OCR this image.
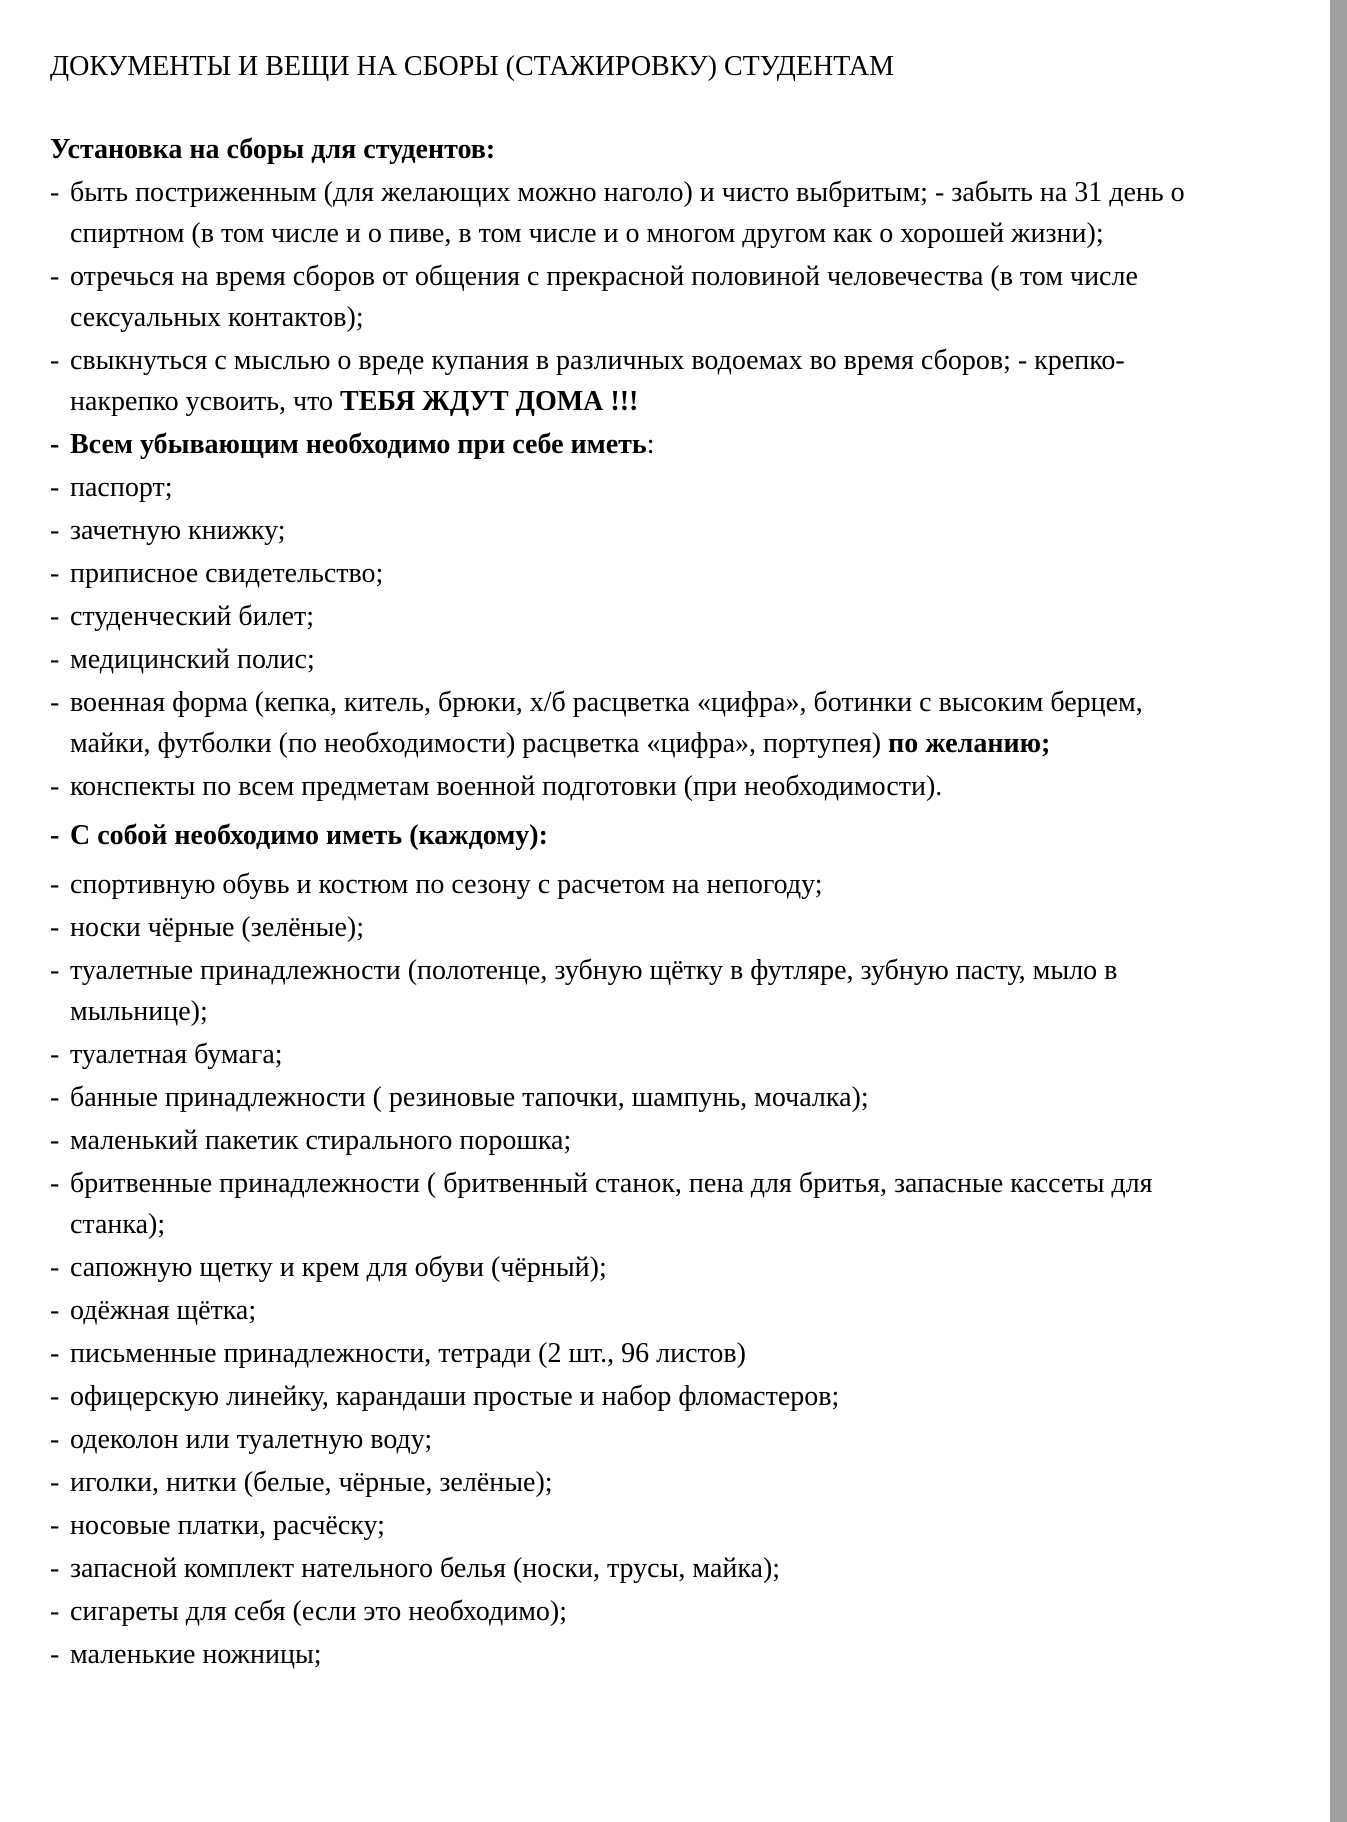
ДОКУМЕНТЫ И ВЕЩИ НА СБОРЫ (СТАЖИРОВКУ) СТУДЕНТАМ
Установка на сборы для студентов:
- быть постриженным (для желающих можно наголо) и чисто выбритым; - забыть на 31 день о спиртном (в том числе и о пиве, в том числе и о многом другом как о хорошей жизни);
- отречься на время сборов от общения с прекрасной половиной человечества (в том числе сексуальных контактов);
- свыкнуться с мыслью о вреде купания в различных водоемах во время сборов; - крепко-накрепко усвоить, что ТЕБЯ ЖДУТ ДОМА !!!
- Всем убывающим необходимо при себе иметь:
- паспорт;
- зачетную книжку;
- приписное свидетельство;
- студенческий билет;
- медицинский полис;
- военная форма (кепка, китель, брюки, х/б расцветка «цифра», ботинки с высоким берцем, майки, футболки (по необходимости) расцветка «цифра», портупея) по желанию;
- конспекты по всем предметам военной подготовки (при необходимости).
- С собой необходимо иметь (каждому):
- спортивную обувь и костюм по сезону с расчетом на непогоду;
- носки чёрные (зелёные);
- туалетные принадлежности (полотенце, зубную щётку в футляре, зубную пасту, мыло в мыльнице);
- туалетная бумага;
- банные принадлежности ( резиновые тапочки, шампунь, мочалка);
- маленький пакетик стирального порошка;
- бритвенные принадлежности ( бритвенный станок, пена для бритья, запасные кассеты для станка);
- сапожную щетку и крем для обуви (чёрный);
- одёжная щётка;
- письменные принадлежности, тетради (2 шт., 96 листов)
- офицерскую линейку, карандаши простые и набор фломастеров;
- одеколон или туалетную воду;
- иголки, нитки (белые, чёрные, зелёные);
- носовые платки, расчёску;
- запасной комплект нательного белья (носки, трусы, майка);
- сигареты для себя (если это необходимо);
- маленькие ножницы;
